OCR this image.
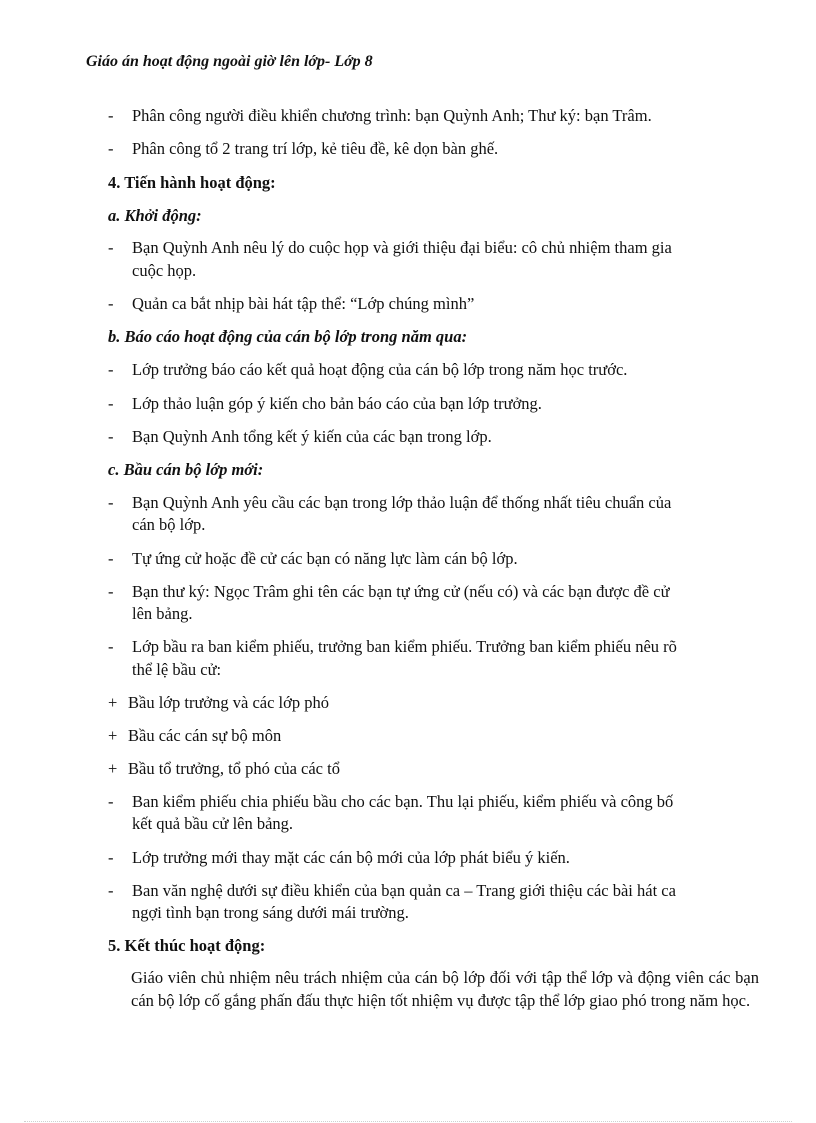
Giáo án hoạt động ngoài giờ lên lớp- Lớp 8
- Phân công người điều khiển chương trình: bạn Quỳnh Anh; Thư ký: bạn Trâm.
- Phân công tổ 2 trang trí lớp, kẻ tiêu đề, kê dọn bàn ghế.
4. Tiến hành hoạt động:
a. Khởi động:
- Bạn Quỳnh Anh nêu lý do cuộc họp và giới thiệu đại biểu: cô chủ nhiệm tham gia
cuộc họp.
- Quản ca bắt nhịp bài hát tập thể: “Lớp chúng mình”
b. Báo cáo hoạt động của cán bộ lớp trong năm qua:
- Lớp trưởng báo cáo kết quả hoạt động của cán bộ lớp trong năm học trước.
- Lớp thảo luận góp ý kiến cho bản báo cáo của bạn lớp trưởng.
- Bạn Quỳnh Anh tổng kết ý kiến của các bạn trong lớp.
c. Bầu cán bộ lớp mới:
- Bạn Quỳnh Anh yêu cầu các bạn trong lớp thảo luận để thống nhất tiêu chuẩn của
cán bộ lớp.
- Tự ứng cử hoặc đề cử các bạn có năng lực làm cán bộ lớp.
- Bạn thư ký: Ngọc Trâm ghi tên các bạn tự ứng cử (nếu có) và các bạn được đề cử
lên bảng.
- Lớp bầu ra ban kiểm phiếu, trưởng ban kiểm phiếu. Trưởng ban kiểm phiếu nêu rõ
thể lệ bầu cử:
+ Bầu lớp trưởng và các lớp phó
+ Bầu các cán sự bộ môn
+ Bầu tổ trưởng, tổ phó của các tổ
- Ban kiểm phiếu chia phiếu bầu cho các bạn. Thu lại phiếu, kiểm phiếu và công bố
kết quả bầu cử lên bảng.
- Lớp trưởng mới thay mặt các cán bộ mới của lớp phát biểu ý kiến.
- Ban văn nghệ dưới sự điều khiển của bạn quản ca – Trang giới thiệu các bài hát ca
ngợi tình bạn trong sáng dưới mái trường.
5. Kết thúc hoạt động:
Giáo viên chủ nhiệm nêu trách nhiệm của cán bộ lớp đối với tập thể lớp và động viên các bạn cán bộ lớp cố gắng phấn đấu thực hiện tốt nhiệm vụ được tập thể lớp giao phó trong năm học.
